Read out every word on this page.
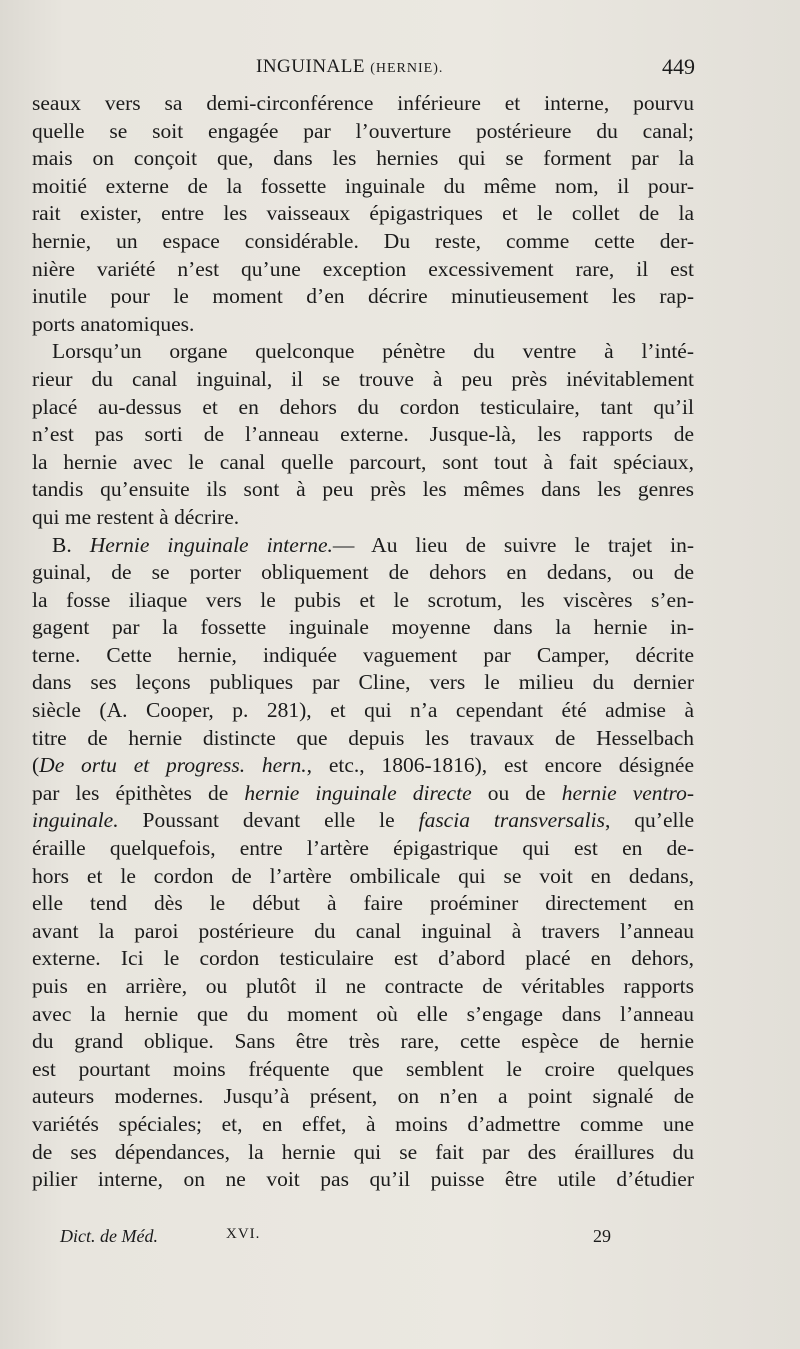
INGUINALE (HERNIE).	449

seaux vers sa demi-circonférence inférieure et interne, pourvu
quelle se soit engagée par l’ouverture postérieure du canal;
mais on conçoit que, dans les hernies qui se forment par la
moitié externe de la fossette inguinale du même nom, il pour-
rait exister, entre les vaisseaux épigastriques et le collet de la
hernie, un espace considérable. Du reste, comme cette der-
nière variété n’est qu’une exception excessivement rare, il est
inutile pour le moment d’en décrire minutieusement les rap-
ports anatomiques.

Lorsqu’un organe quelconque pénètre du ventre à l’inté-
rieur du canal inguinal, il se trouve à peu près inévitablement
placé au-dessus et en dehors du cordon testiculaire, tant qu’il
n’est pas sorti de l’anneau externe. Jusque-là, les rapports de
la hernie avec le canal quelle parcourt, sont tout à fait spéciaux,
tandis qu’ensuite ils sont à peu près les mêmes dans les genres
qui me restent à décrire.

B. Hernie inguinale interne.— Au lieu de suivre le trajet in-
guinal, de se porter obliquement de dehors en dedans, ou de
la fosse iliaque vers le pubis et le scrotum, les viscères s’en-
gagent par la fossette inguinale moyenne dans la hernie in-
terne. Cette hernie, indiquée vaguement par Camper, décrite
dans ses leçons publiques par Cline, vers le milieu du dernier
siècle (A. Cooper, p. 281), et qui n’a cependant été admise à
titre de hernie distincte que depuis les travaux de Hesselbach
(De ortu et progress. hern., etc., 1806-1816), est encore désignée
par les épithètes de hernie inguinale directe ou de hernie ventro-
inguinale. Poussant devant elle le fascia transversalis, qu’elle
éraille quelquefois, entre l’artère épigastrique qui est en de-
hors et le cordon de l’artère ombilicale qui se voit en dedans,
elle tend dès le début à faire proéminer directement en
avant la paroi postérieure du canal inguinal à travers l’anneau
externe. Ici le cordon testiculaire est d’abord placé en dehors,
puis en arrière, ou plutôt il ne contracte de véritables rapports
avec la hernie que du moment où elle s’engage dans l’anneau
du grand oblique. Sans être très rare, cette espèce de hernie
est pourtant moins fréquente que semblent le croire quelques
auteurs modernes. Jusqu’à présent, on n’en a point signalé de
variétés spéciales; et, en effet, à moins d’admettre comme une
de ses dépendances, la hernie qui se fait par des éraillures du
pilier interne, on ne voit pas qu’il puisse être utile d’étudier

Dict. de Méd.	XVI.	29
